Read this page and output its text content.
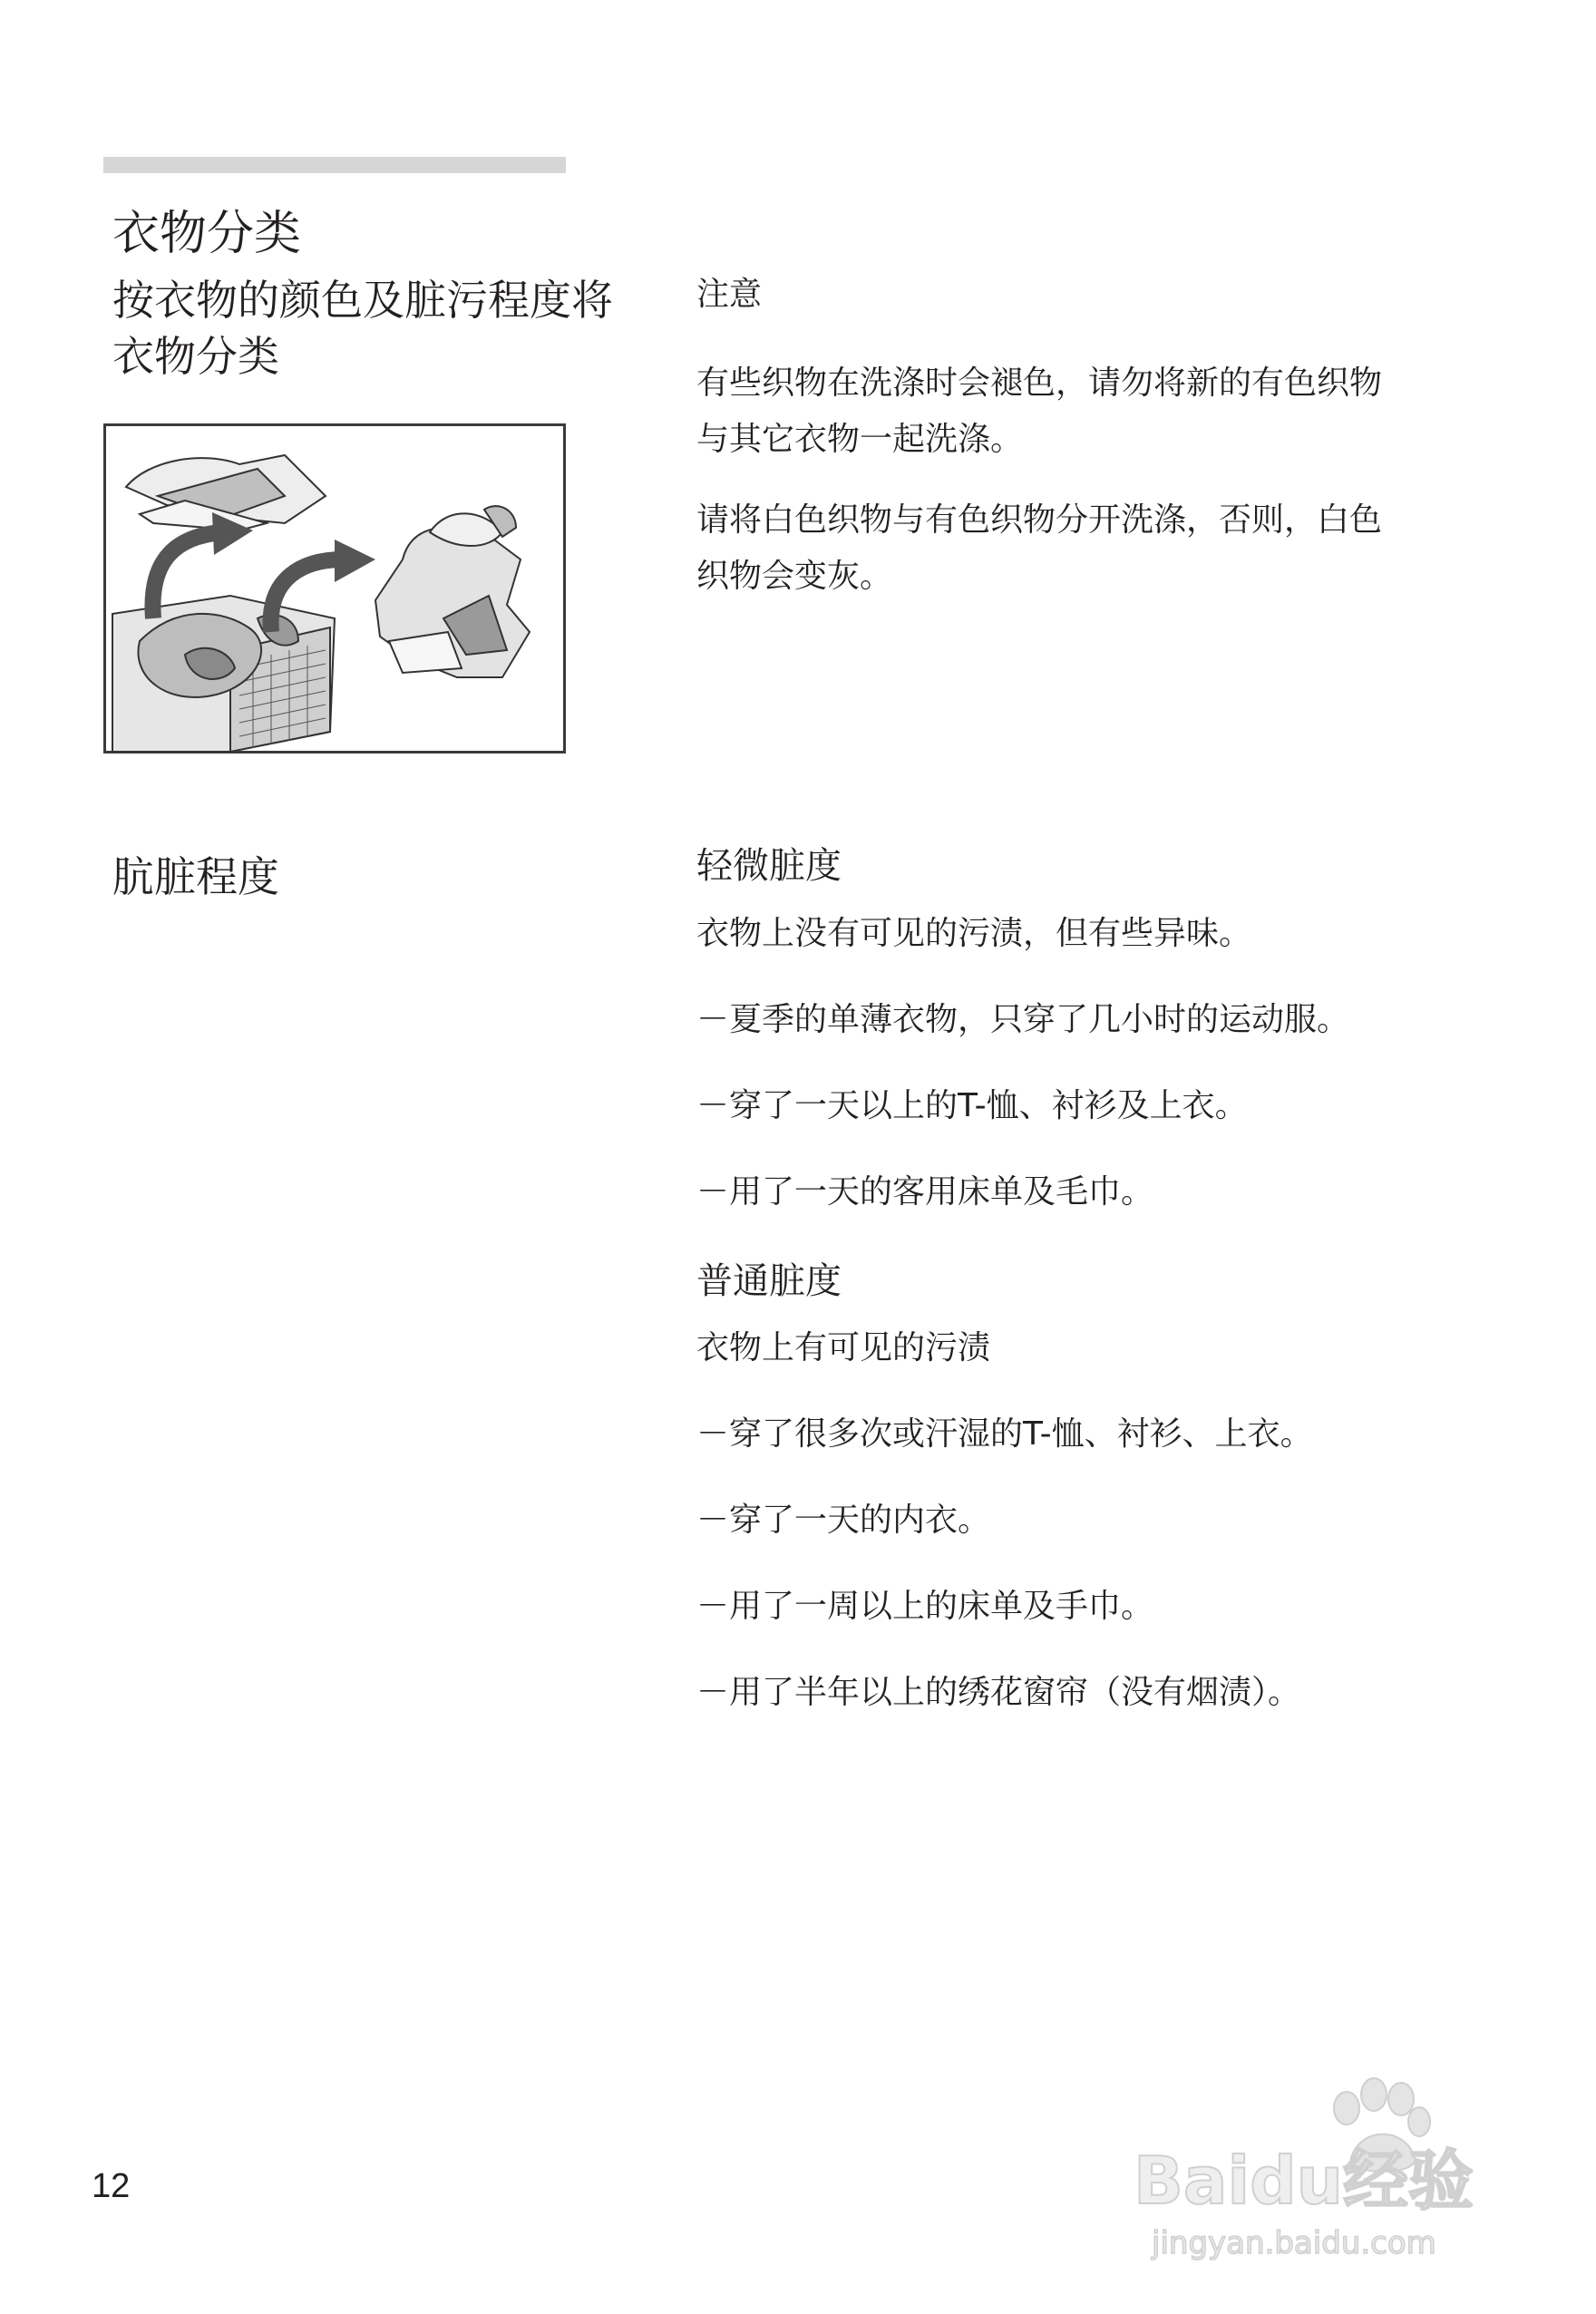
衣物分类
按衣物的颜色及脏污程度将衣物分类
注意
有些织物在洗涤时会褪色，请勿将新的有色织物与其它衣物一起洗涤。
请将白色织物与有色织物分开洗涤，否则，白色织物会变灰。
肮脏程度	轻微脏度
衣物上没有可见的污渍，但有些异味。
－夏季的单薄衣物，只穿了几小时的运动服。
－穿了一天以上的T-恤、衬衫及上衣。
－用了一天的客用床单及毛巾。
普通脏度
衣物上有可见的污渍
－穿了很多次或汗湿的T-恤、衬衫、上衣。
－穿了一天的内衣。
－用了一周以上的床单及手巾。
－用了半年以上的绣花窗帘（没有烟渍）。
12	Baidu经验
jingyan.baidu.com
